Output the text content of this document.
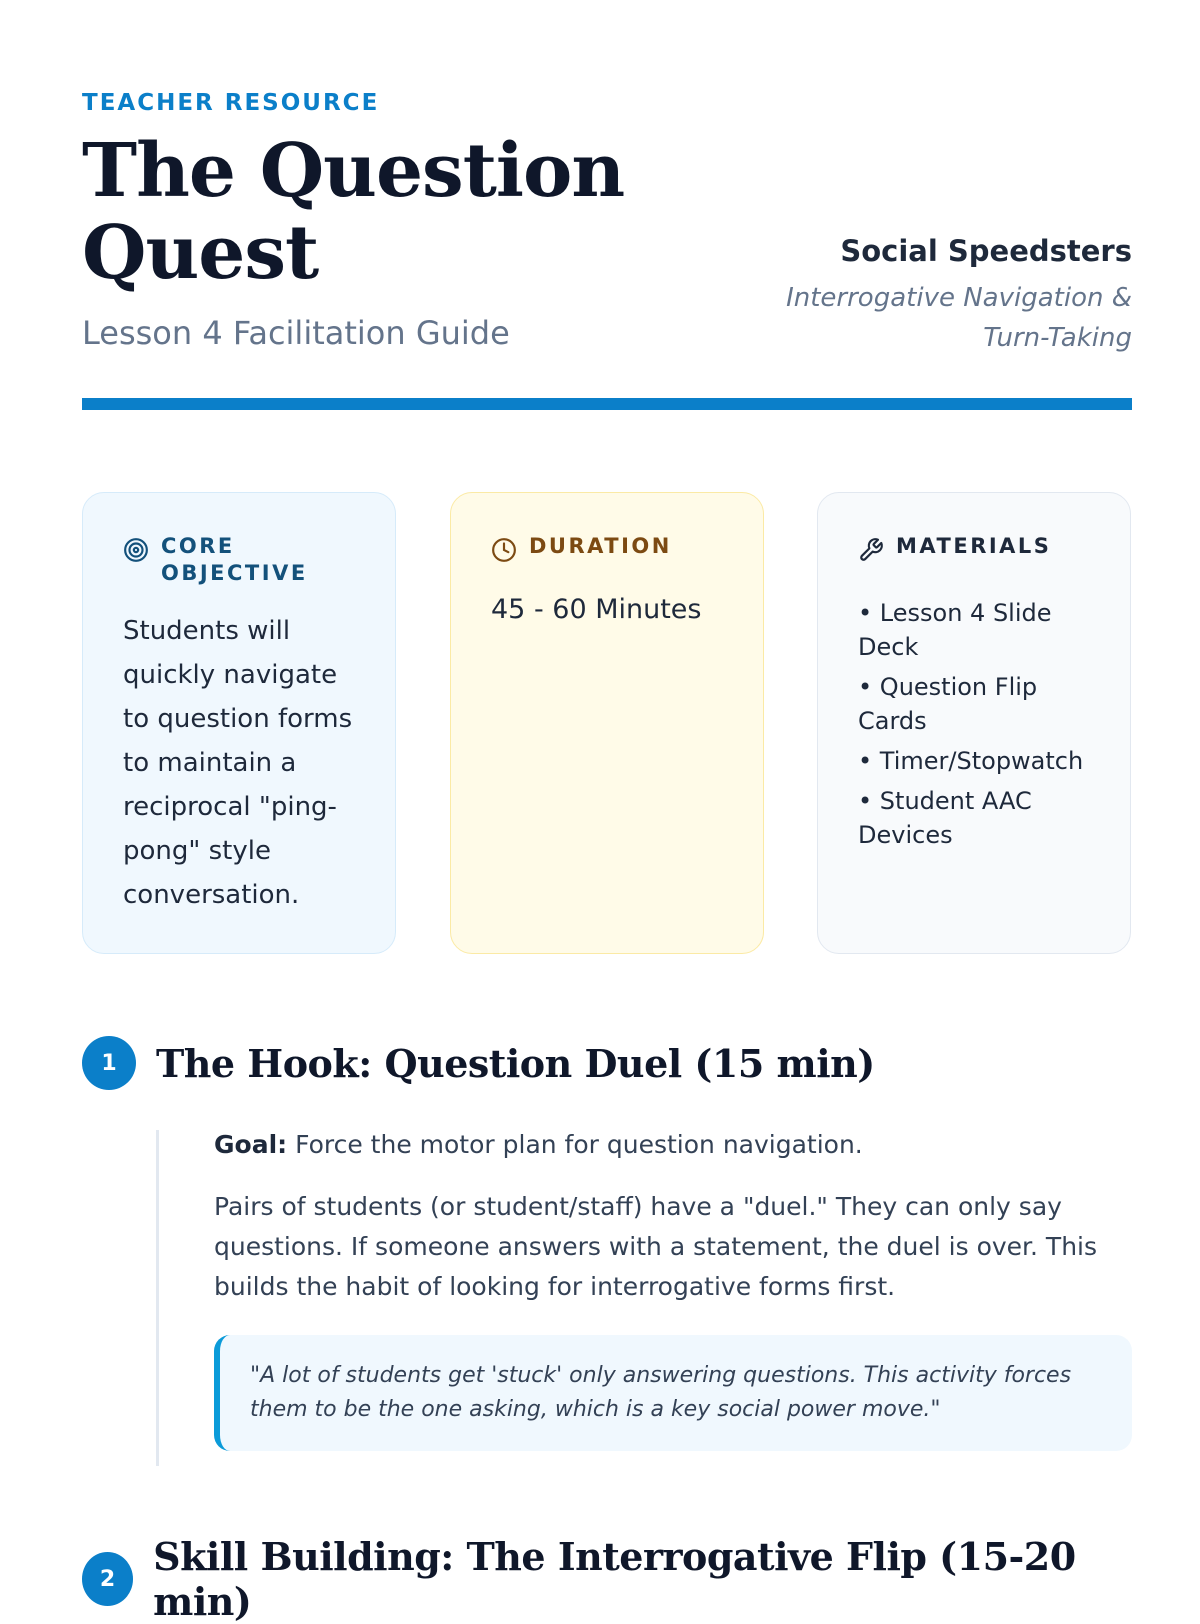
TEACHER RESOURCE
The Question Quest
Lesson 4 Facilitation Guide
Social Speedsters
Interrogative Navigation & Turn-Taking
CORE OBJECTIVE
Students will quickly navigate to question forms to maintain a reciprocal "ping-pong" style conversation.
DURATION
45 - 60 Minutes
MATERIALS
• Lesson 4 Slide Deck
• Question Flip Cards
• Timer/Stopwatch
• Student AAC Devices
1	The Hook: Question Duel (15 min)

Goal: Force the motor plan for question navigation.

Pairs of students (or student/staff) have a "duel." They can only say questions. If someone answers with a statement, the duel is over. This builds the habit of looking for interrogative forms first.

"A lot of students get 'stuck' only answering questions. This activity forces them to be the one asking, which is a key social power move."
2 Skill Building: The Interrogative Flip (15-20 min)
